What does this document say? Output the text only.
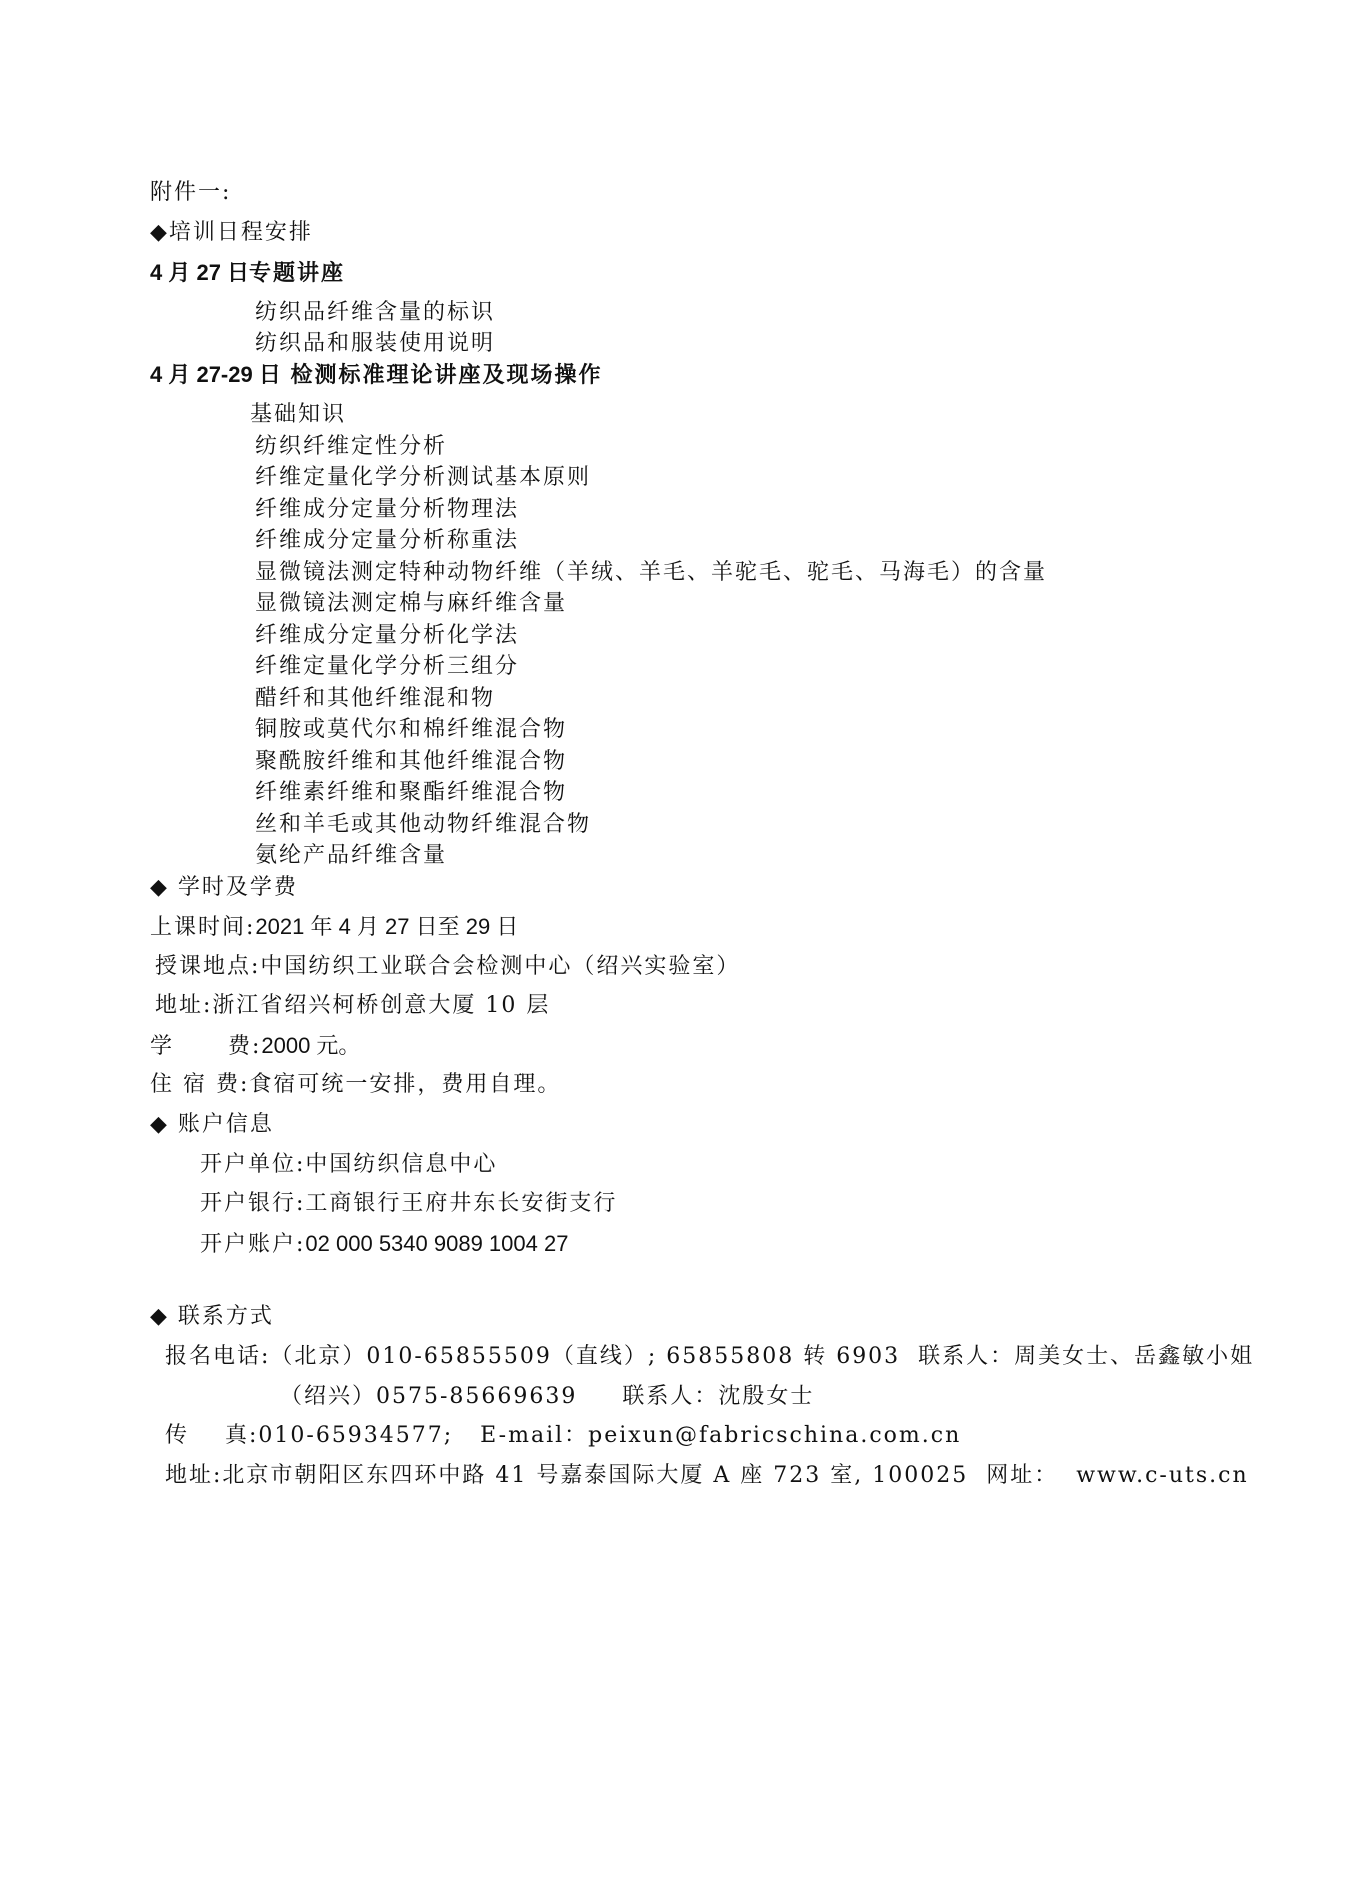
附件一:
◆培训日程安排
4 月 27 日专题讲座
纺织品纤维含量的标识
纺织品和服装使用说明
4 月 27-29 日 检测标准理论讲座及现场操作
基础知识
纺织纤维定性分析
纤维定量化学分析测试基本原则
纤维成分定量分析物理法
纤维成分定量分析称重法
显微镜法测定特种动物纤维（羊绒、羊毛、羊驼毛、驼毛、马海毛）的含量
显微镜法测定棉与麻纤维含量
纤维成分定量分析化学法
纤维定量化学分析三组分
醋纤和其他纤维混和物
铜胺或莫代尔和棉纤维混合物
聚酰胺纤维和其他纤维混合物
纤维素纤维和聚酯纤维混合物
丝和羊毛或其他动物纤维混合物
氨纶产品纤维含量
◆ 学时及学费
上课时间:2021 年 4 月 27 日至 29 日
授课地点:中国纺织工业联合会检测中心（绍兴实验室）
地址:浙江省绍兴柯桥创意大厦 10 层
学      费:2000 元。
住 宿 费:食宿可统一安排，费用自理。
◆ 账户信息
开户单位:中国纺织信息中心
开户银行:工商银行王府井东长安街支行
开户账户:02 000 5340 9089 1004 27
◆ 联系方式
报名电话:（北京）010-65855509（直线）; 65855808 转 6903  联系人：周美女士、岳鑫敏小姐
（绍兴）0575-85669639     联系人：沈殷女士
传    真:010-65934577;   E-mail：peixun@fabricschina.com.cn
地址:北京市朝阳区东四环中路 41 号嘉泰国际大厦 A 座 723 室, 100025  网址：  www.c-uts.cn
